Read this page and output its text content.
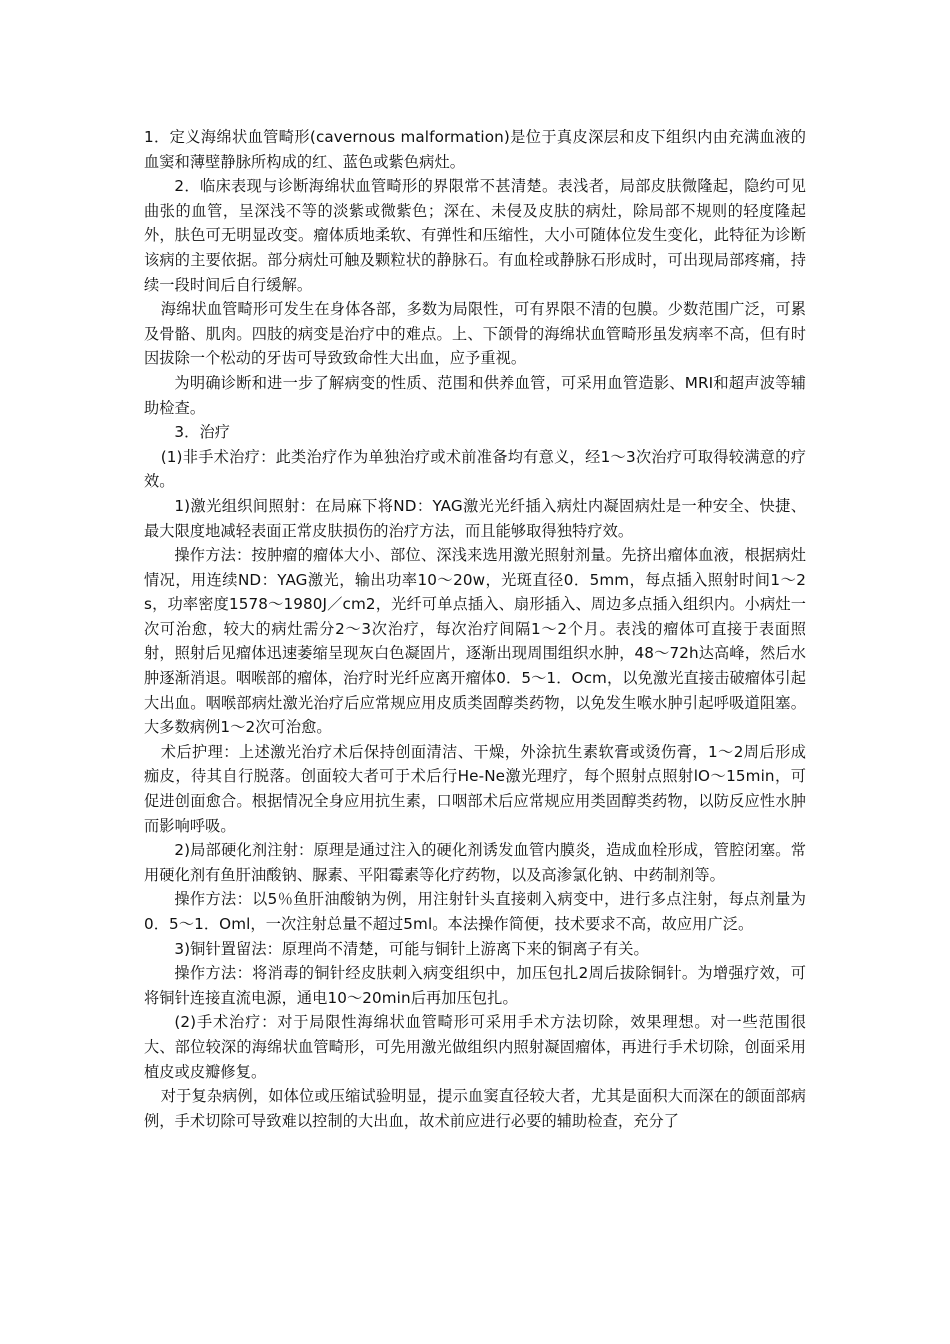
1．定义海绵状血管畸形(cavernous malformation)是位于真皮深层和皮下组织内由充满血液的血窦和薄壁静脉所构成的红、蓝色或紫色病灶。

2．临床表现与诊断海绵状血管畸形的界限常不甚清楚。表浅者，局部皮肤微隆起，隐约可见曲张的血管，呈深浅不等的淡紫或微紫色；深在、未侵及皮肤的病灶，除局部不规则的轻度隆起外，肤色可无明显改变。瘤体质地柔软、有弹性和压缩性，大小可随体位发生变化，此特征为诊断该病的主要依据。部分病灶可触及颗粒状的静脉石。有血栓或静脉石形成时，可出现局部疼痛，持续一段时间后自行缓解。

海绵状血管畸形可发生在身体各部，多数为局限性，可有界限不清的包膜。少数范围广泛，可累及骨骼、肌肉。四肢的病变是治疗中的难点。上、下颌骨的海绵状血管畸形虽发病率不高，但有时因拔除一个松动的牙齿可导致致命性大出血，应予重视。

为明确诊断和进一步了解病变的性质、范围和供养血管，可采用血管造影、MRI和超声波等辅助检查。

3．治疗

(1)非手术治疗：此类治疗作为单独治疗或术前准备均有意义，经1～3次治疗可取得较满意的疗效。

1)激光组织间照射：在局麻下将ND：YAG激光光纤插入病灶内凝固病灶是一种安全、快捷、最大限度地减轻表面正常皮肤损伤的治疗方法，而且能够取得独特疗效。

操作方法：按肿瘤的瘤体大小、部位、深浅来选用激光照射剂量。先挤出瘤体血液，根据病灶情况，用连续ND：YAG激光，输出功率10～20w，光斑直径0．5mm，每点插入照射时间1～2s，功率密度1578～1980J／cm2，光纤可单点插入、扇形插入、周边多点插入组织内。小病灶一次可治愈，较大的病灶需分2～3次治疗，每次治疗间隔1～2个月。表浅的瘤体可直接于表面照射，照射后见瘤体迅速萎缩呈现灰白色凝固片，逐渐出现周围组织水肿，48～72h达高峰，然后水肿逐渐消退。咽喉部的瘤体，治疗时光纤应离开瘤体0．5～1．Ocm，以免激光直接击破瘤体引起大出血。咽喉部病灶激光治疗后应常规应用皮质类固醇类药物，以免发生喉水肿引起呼吸道阻塞。大多数病例1～2次可治愈。

术后护理：上述激光治疗术后保持创面清洁、干燥，外涂抗生素软膏或烫伤膏，1～2周后形成痂皮，待其自行脱落。创面较大者可于术后行He-Ne激光理疗，每个照射点照射lO～15min，可促进创面愈合。根据情况全身应用抗生素，口咽部术后应常规应用类固醇类药物，以防反应性水肿而影响呼吸。

2)局部硬化剂注射：原理是通过注入的硬化剂诱发血管内膜炎，造成血栓形成，管腔闭塞。常用硬化剂有鱼肝油酸钠、脲素、平阳霉素等化疗药物，以及高渗氯化钠、中药制剂等。

操作方法：以5％鱼肝油酸钠为例，用注射针头直接刺入病变中，进行多点注射，每点剂量为0．5～1．Oml，一次注射总量不超过5ml。本法操作简便，技术要求不高，故应用广泛。

3)铜针置留法：原理尚不清楚，可能与铜针上游离下来的铜离子有关。

操作方法：将消毒的铜针经皮肤刺入病变组织中，加压包扎2周后拔除铜针。为增强疗效，可将铜针连接直流电源，通电10～20min后再加压包扎。

(2)手术治疗：对于局限性海绵状血管畸形可采用手术方法切除，效果理想。对一些范围很大、部位较深的海绵状血管畸形，可先用激光做组织内照射凝固瘤体，再进行手术切除，创面采用植皮或皮瓣修复。

对于复杂病例，如体位或压缩试验明显，提示血窦直径较大者，尤其是面积大而深在的颌面部病例，手术切除可导致难以控制的大出血，故术前应进行必要的辅助检查，充分了
